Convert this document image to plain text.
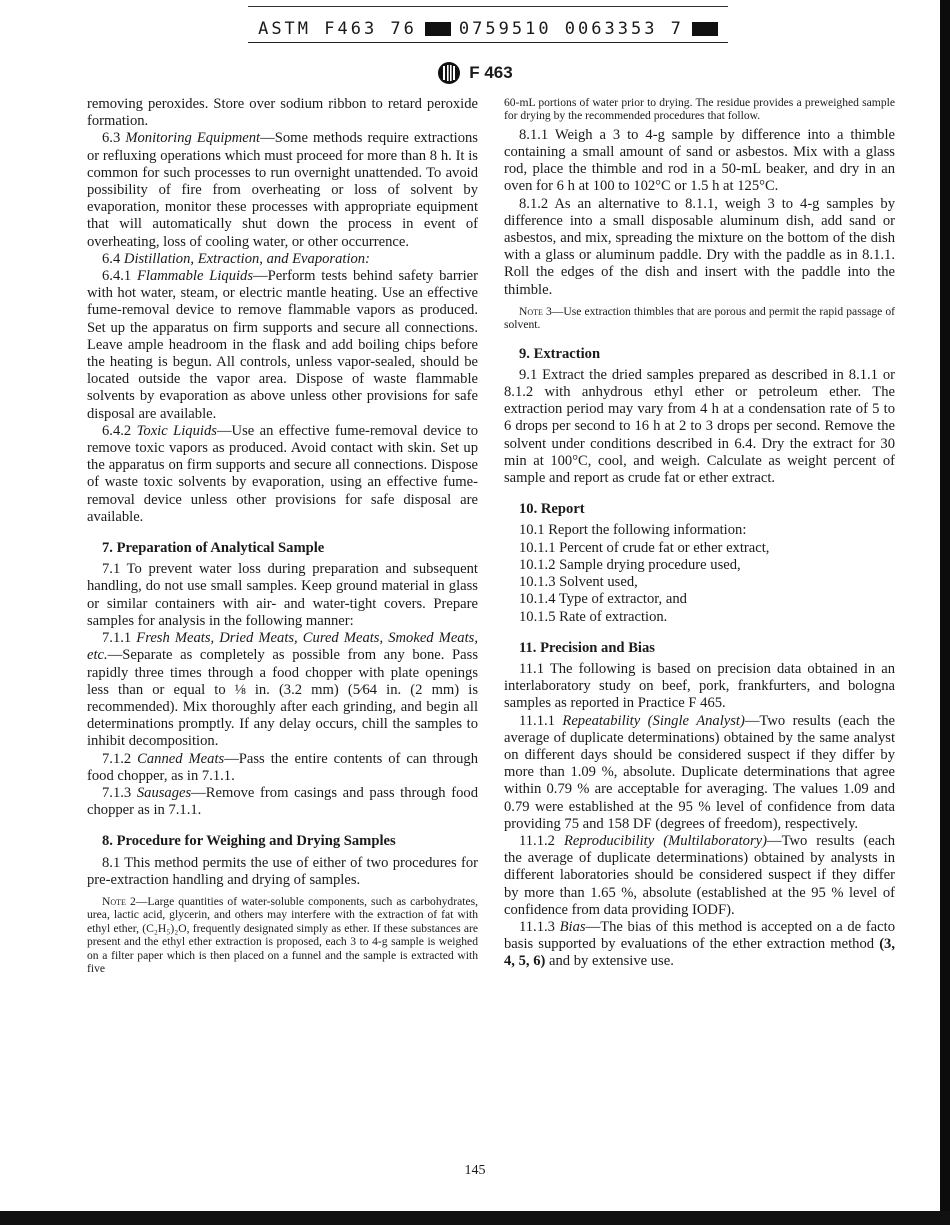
ASTM F463 76 0759510 0063353 7
F 463

removing peroxides. Store over sodium ribbon to retard peroxide formation.

6.3 Monitoring Equipment—Some methods require extractions or refluxing operations which must proceed for more than 8 h. It is common for such processes to run overnight unattended. To avoid possibility of fire from overheating or loss of solvent by evaporation, monitor these processes with appropriate equipment that will automatically shut down the process in event of overheating, loss of cooling water, or other occurrence.

6.4 Distillation, Extraction, and Evaporation:

6.4.1 Flammable Liquids—Perform tests behind safety barrier with hot water, steam, or electric mantle heating. Use an effective fume-removal device to remove flammable vapors as produced. Set up the apparatus on firm supports and secure all connections. Leave ample headroom in the flask and add boiling chips before the heating is begun. All controls, unless vapor-sealed, should be located outside the vapor area. Dispose of waste flammable solvents by evaporation as above unless other provisions for safe disposal are available.

6.4.2 Toxic Liquids—Use an effective fume-removal device to remove toxic vapors as produced. Avoid contact with skin. Set up the apparatus on firm supports and secure all connections. Dispose of waste toxic solvents by evaporation, using an effective fume-removal device unless other provisions for safe disposal are available.

7. Preparation of Analytical Sample

7.1 To prevent water loss during preparation and subsequent handling, do not use small samples. Keep ground material in glass or similar containers with air- and water-tight covers. Prepare samples for analysis in the following manner:

7.1.1 Fresh Meats, Dried Meats, Cured Meats, Smoked Meats, etc.—Separate as completely as possible from any bone. Pass rapidly three times through a food chopper with plate openings less than or equal to ⅛ in. (3.2 mm) (5⁄64 in. (2 mm) is recommended). Mix thoroughly after each grinding, and begin all determinations promptly. If any delay occurs, chill the samples to inhibit decomposition.

7.1.2 Canned Meats—Pass the entire contents of can through food chopper, as in 7.1.1.

7.1.3 Sausages—Remove from casings and pass through food chopper as in 7.1.1.

8. Procedure for Weighing and Drying Samples

8.1 This method permits the use of either of two procedures for pre-extraction handling and drying of samples.

Note 2—Large quantities of water-soluble components, such as carbohydrates, urea, lactic acid, glycerin, and others may interfere with the extraction of fat with ethyl ether, (C₂H₅)₂O, frequently designated simply as ether. If these substances are present and the ethyl ether extraction is proposed, each 3 to 4-g sample is weighed on a filter paper which is then placed on a funnel and the sample is extracted with five

60-mL portions of water prior to drying. The residue provides a preweighed sample for drying by the recommended procedures that follow.

8.1.1 Weigh a 3 to 4-g sample by difference into a thimble containing a small amount of sand or asbestos. Mix with a glass rod, place the thimble and rod in a 50-mL beaker, and dry in an oven for 6 h at 100 to 102°C or 1.5 h at 125°C.

8.1.2 As an alternative to 8.1.1, weigh 3 to 4-g samples by difference into a small disposable aluminum dish, add sand or asbestos, and mix, spreading the mixture on the bottom of the dish with a glass or aluminum paddle. Dry with the paddle as in 8.1.1. Roll the edges of the dish and insert with the paddle into the thimble.

Note 3—Use extraction thimbles that are porous and permit the rapid passage of solvent.

9. Extraction

9.1 Extract the dried samples prepared as described in 8.1.1 or 8.1.2 with anhydrous ethyl ether or petroleum ether. The extraction period may vary from 4 h at a condensation rate of 5 to 6 drops per second to 16 h at 2 to 3 drops per second. Remove the solvent under conditions described in 6.4. Dry the extract for 30 min at 100°C, cool, and weigh. Calculate as weight percent of sample and report as crude fat or ether extract.

10. Report
10.1 Report the following information:
10.1.1 Percent of crude fat or ether extract,
10.1.2 Sample drying procedure used,
10.1.3 Solvent used,
10.1.4 Type of extractor, and
10.1.5 Rate of extraction.
11. Precision and Bias

11.1 The following is based on precision data obtained in an interlaboratory study on beef, pork, frankfurters, and bologna samples as reported in Practice F 465.

11.1.1 Repeatability (Single Analyst)—Two results (each the average of duplicate determinations) obtained by the same analyst on different days should be considered suspect if they differ by more than 1.09 %, absolute. Duplicate determinations that agree within 0.79 % are acceptable for averaging. The values 1.09 and 0.79 were established at the 95 % level of confidence from data providing 75 and 158 DF (degrees of freedom), respectively.

11.1.2 Reproducibility (Multilaboratory)—Two results (each the average of duplicate determinations) obtained by analysts in different laboratories should be considered suspect if they differ by more than 1.65 %, absolute (established at the 95 % level of confidence from data providing IODF).

11.1.3 Bias—The bias of this method is accepted on a de facto basis supported by evaluations of the ether extraction method (3, 4, 5, 6) and by extensive use.

145
